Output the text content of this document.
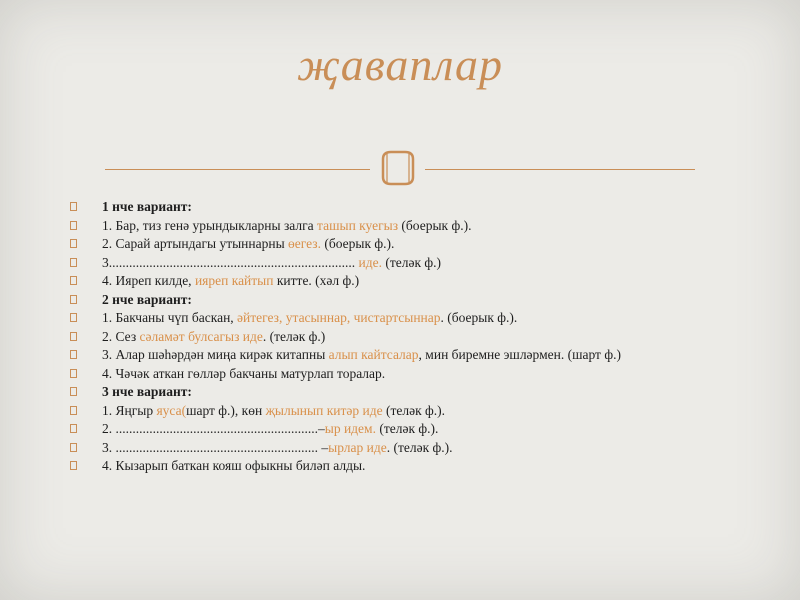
җаваплар
1 нче вариант:
1. Бар, тиз генә урындыкларны залга ташып куегыз (боерык ф.).
2. Сарай артындагы утыннарны өегез. (боерык ф.).
3......................................................................... иде. (теләк ф.)
4. Ияреп килде, ияреп кайтып китте. (хәл ф.)
2 нче вариант:
1. Бакчаны чүп баскан, әйтегез, утасыннар, чистартсыннар. (боерык ф.).
2. Сез сәламәт булсагыз иде. (теләк ф.)
3. Алар шәһәрдән миңа кирәк китапны алып кайтсалар, мин биремне эшләрмен. (шарт ф.)
4. Чәчәк аткан гөлләр бакчаны матурлап торалар.
3 нче вариант:
1. Яңгыр яуса(шарт ф.), көн җылынып китәр иде (теләк ф.).
2. ............................................................–ыр идем. (теләк ф.).
3. ............................................................ –ырлар иде. (теләк ф.).
4. Кызарып баткан кояш офыкны биләп алды.
